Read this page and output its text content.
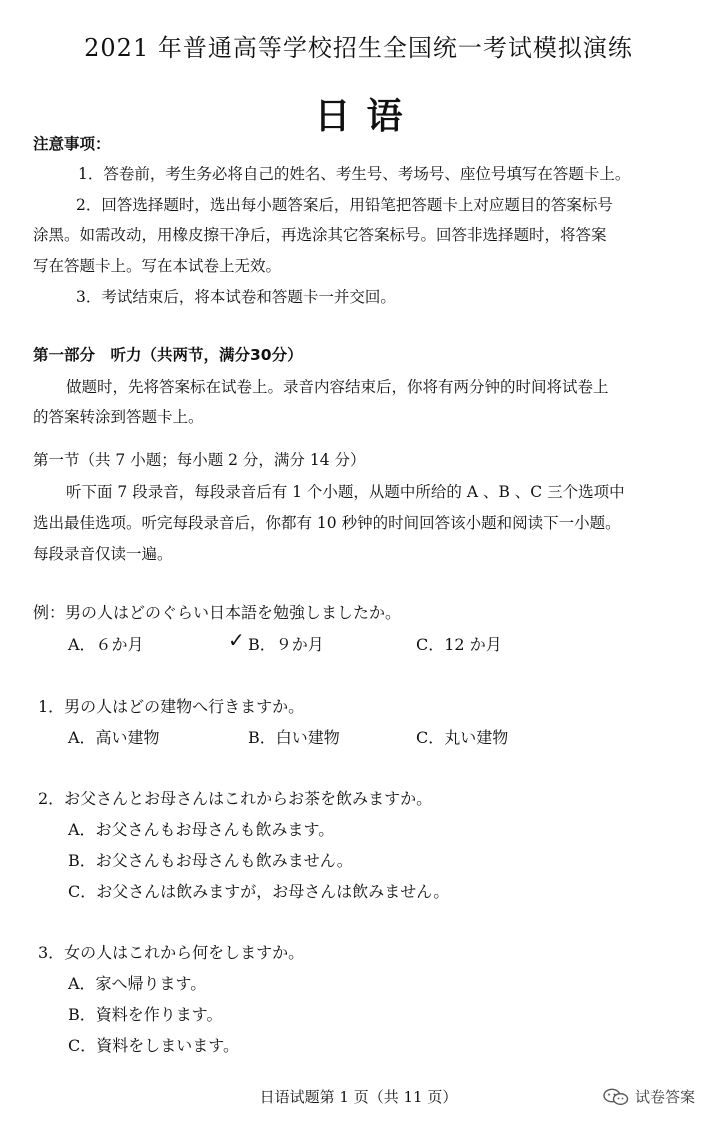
2021 年普通高等学校招生全国统一考试模拟演练
日语
注意事项：
1．答卷前，考生务必将自己的姓名、考生号、考场号、座位号填写在答题卡上。
2．回答选择题时，选出每小题答案后，用铅笔把答题卡上对应题目的答案标号
涂黑。如需改动，用橡皮擦干净后，再选涂其它答案标号。回答非选择题时，将答案
写在答题卡上。写在本试卷上无效。
3．考试结束后，将本试卷和答题卡一并交回。
第一部分　听力（共两节，满分30分）
做题时，先将答案标在试卷上。录音内容结束后，你将有两分钟的时间将试卷上
的答案转涂到答题卡上。
第一节（共 7 小题；每小题 2 分，满分 14 分）
听下面 7 段录音，每段录音后有 1 个小题，从题中所给的 A 、B 、C 三个选项中
选出最佳选项。听完每段录音后，你都有 10 秒钟的时间回答该小题和阅读下一小题。
每段录音仅读一遍。
例：男の人はどのぐらい日本語を勉強しましたか。
A．６か月	✓ B．９か月	C．12 か月
1．男の人はどの建物へ行きますか。
A．高い建物	B．白い建物	C．丸い建物
2．お父さんとお母さんはこれからお茶を飲みますか。
A．お父さんもお母さんも飲みます。
B．お父さんもお母さんも飲みません。
C．お父さんは飲みますが，お母さんは飲みません。
3．女の人はこれから何をしますか。
A．家へ帰ります。
B．資料を作ります。
C．資料をしまいます。
日语试题第 1 页（共 11 页）	试卷答案
